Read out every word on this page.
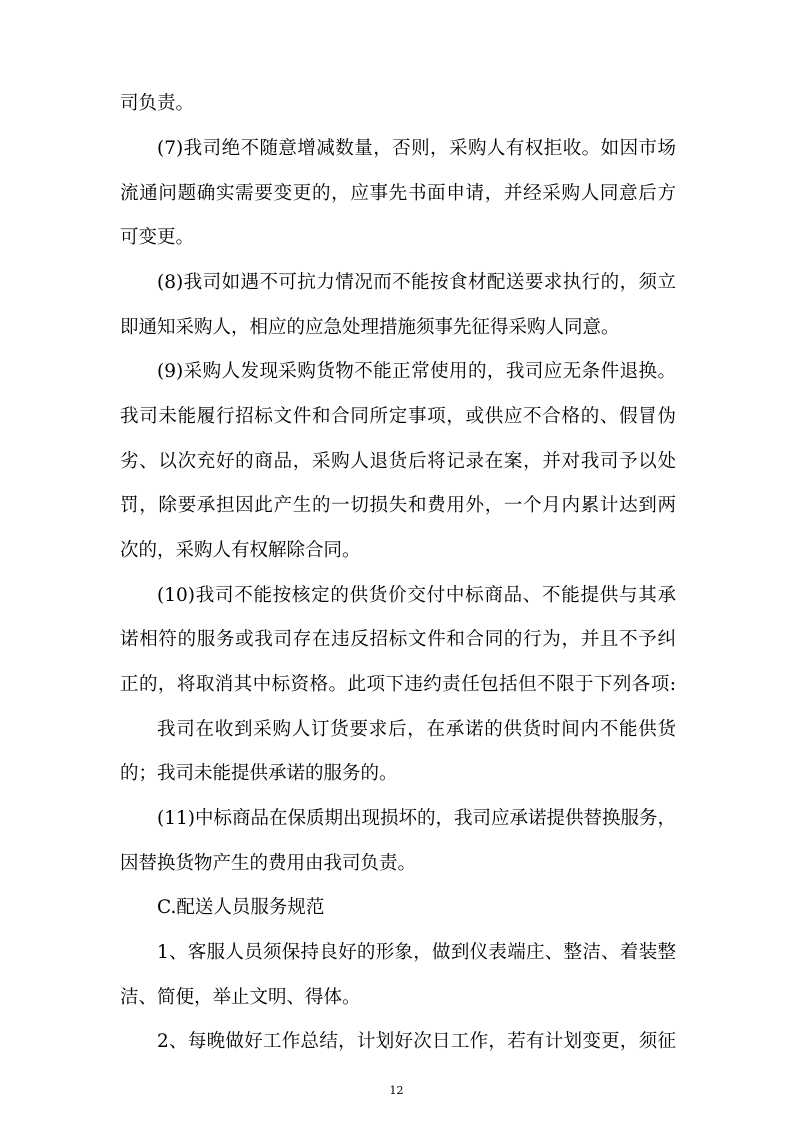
司负责。
(7)我司绝不随意增减数量，否则，采购人有权拒收。如因市场
流通问题确实需要变更的，应事先书面申请，并经采购人同意后方
可变更。
(8)我司如遇不可抗力情况而不能按食材配送要求执行的，须立
即通知采购人，相应的应急处理措施须事先征得采购人同意。
(9)采购人发现采购货物不能正常使用的，我司应无条件退换。
我司未能履行招标文件和合同所定事项，或供应不合格的、假冒伪
劣、以次充好的商品，采购人退货后将记录在案，并对我司予以处
罚，除要承担因此产生的一切损失和费用外，一个月内累计达到两
次的，采购人有权解除合同。
(10)我司不能按核定的供货价交付中标商品、不能提供与其承
诺相符的服务或我司存在违反招标文件和合同的行为，并且不予纠
正的，将取消其中标资格。此项下违约责任包括但不限于下列各项:
我司在收到采购人订货要求后，在承诺的供货时间内不能供货
的；我司未能提供承诺的服务的。
(11)中标商品在保质期出现损坏的，我司应承诺提供替换服务，
因替换货物产生的费用由我司负责。
C.配送人员服务规范
1、客服人员须保持良好的形象，做到仪表端庄、整洁、着装整
洁、简便，举止文明、得体。
2、每晚做好工作总结，计划好次日工作，若有计划变更，须征
12
